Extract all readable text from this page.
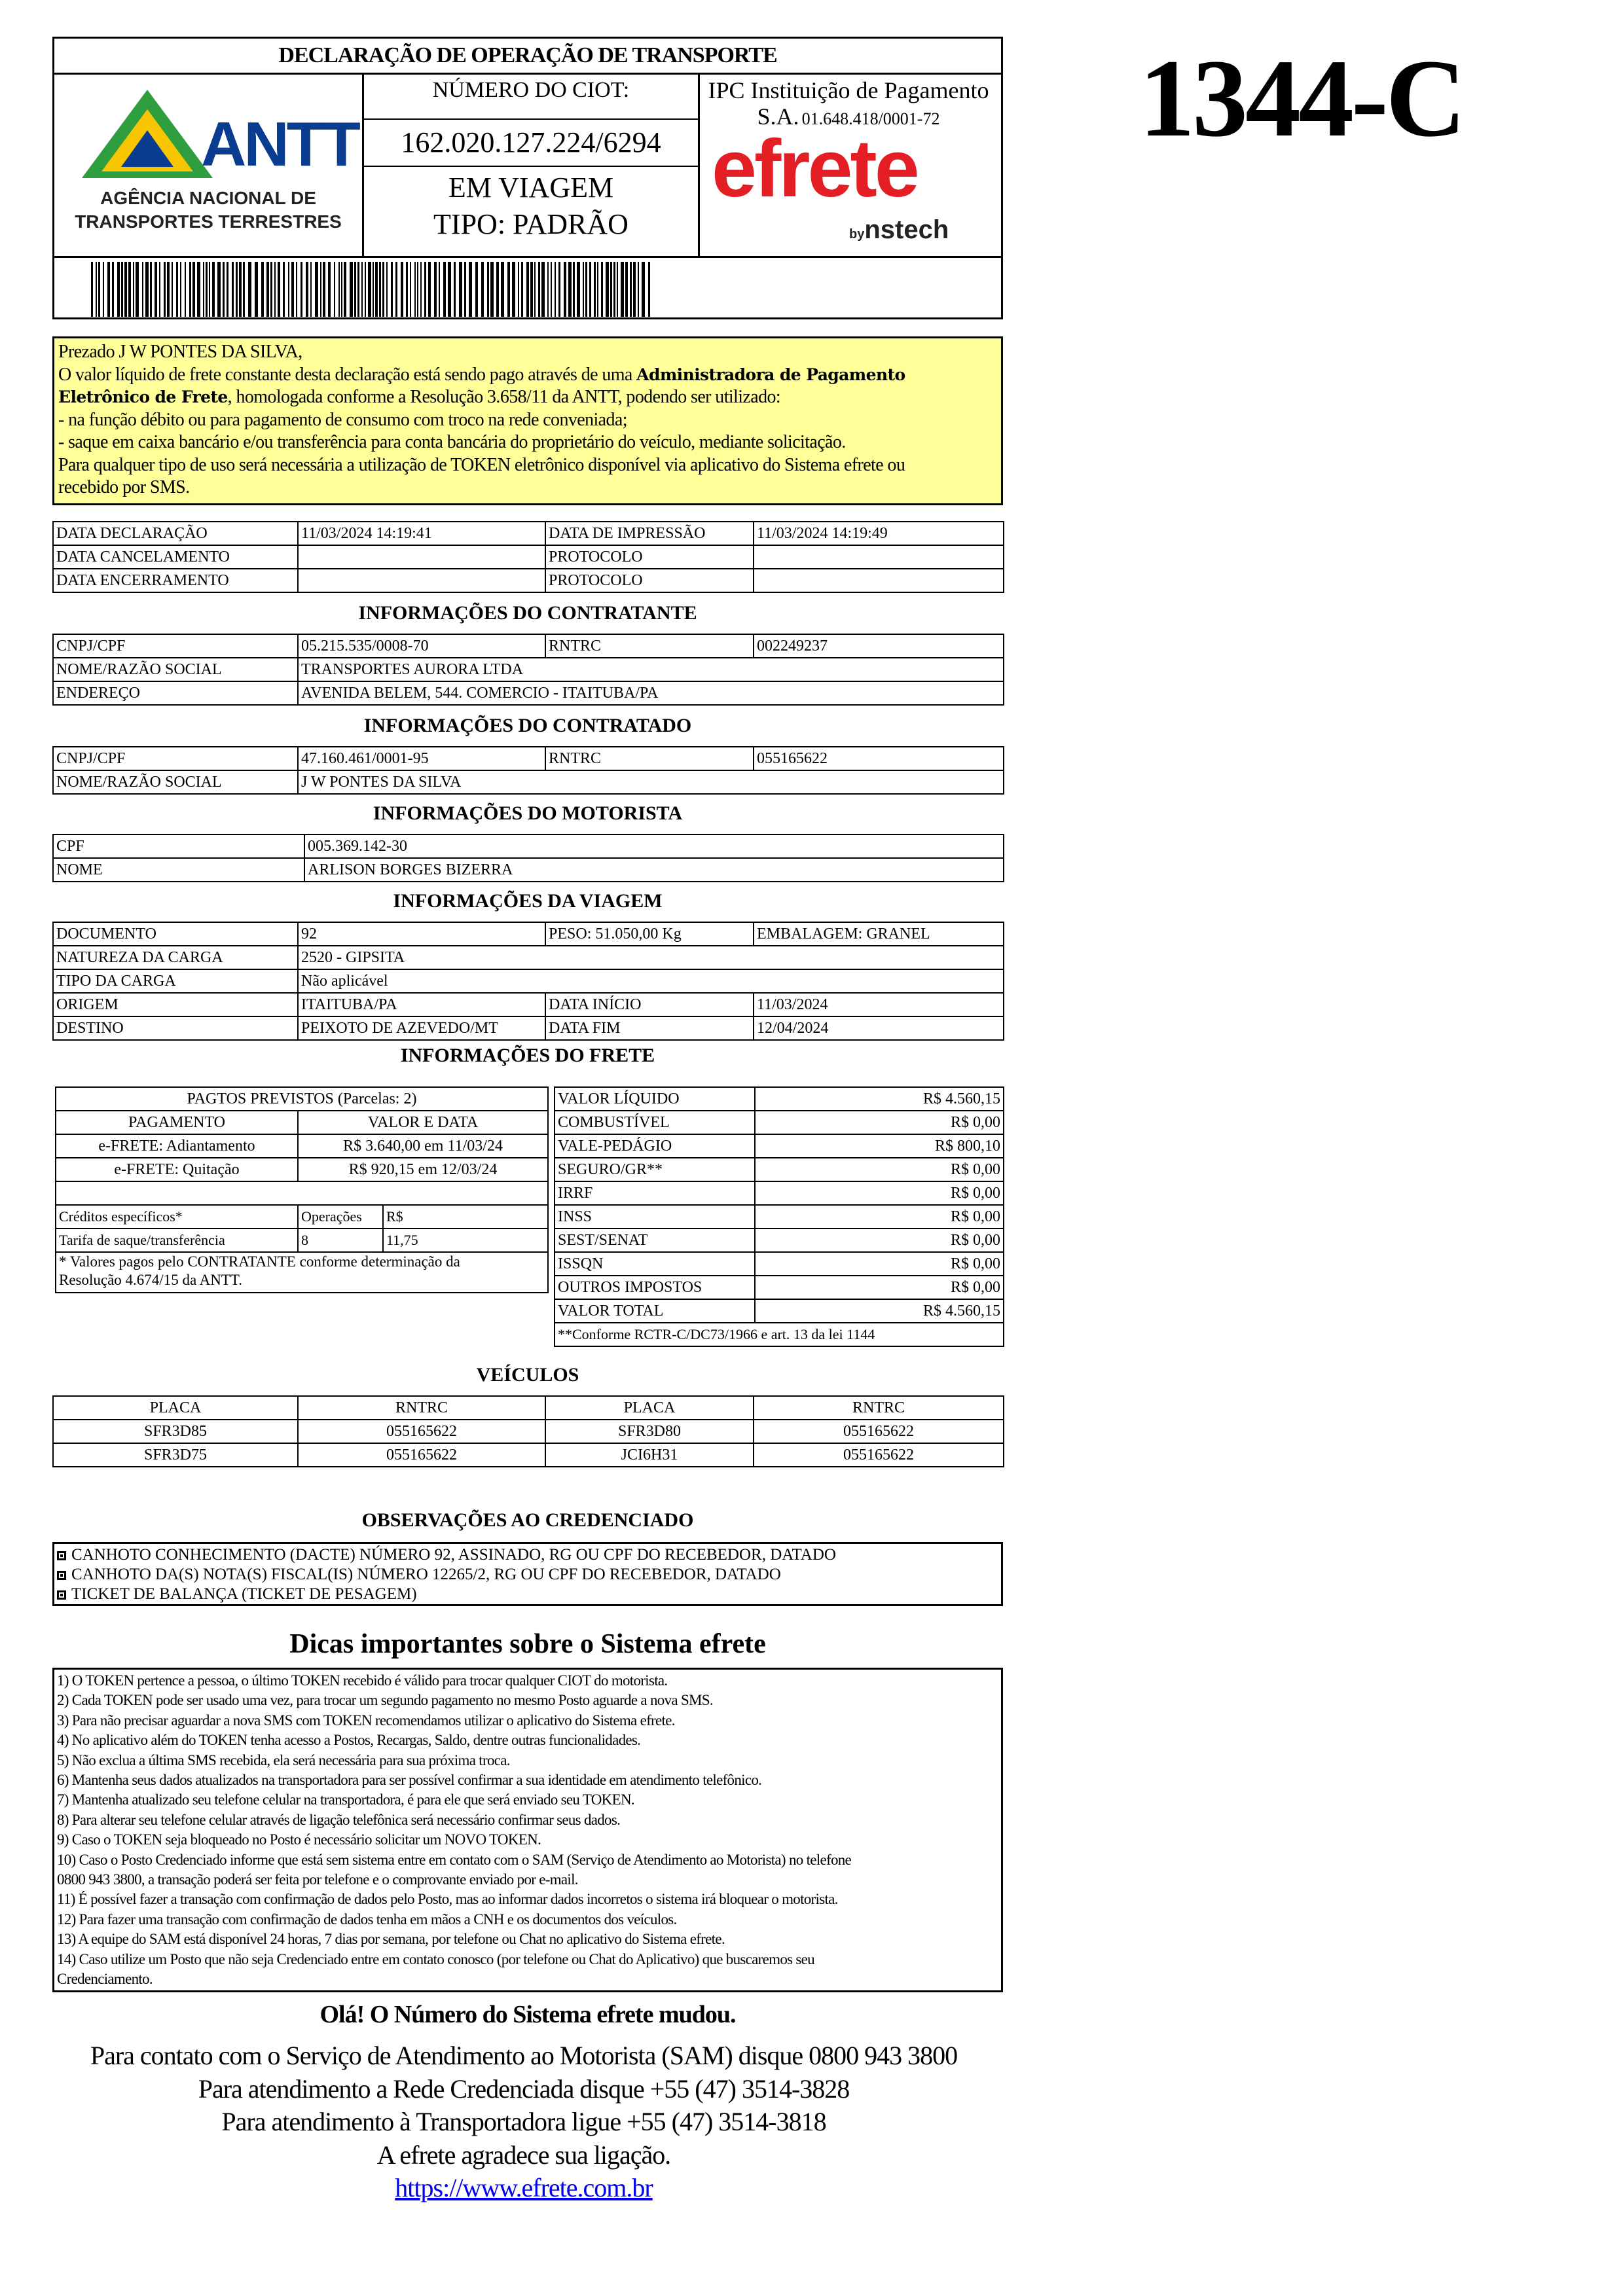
DECLARAÇÃO DE OPERAÇÃO DE TRANSPORTE
ANTT
AGÊNCIA NACIONAL DE
TRANSPORTES TERRESTRES
NÚMERO DO CIOT:
162.020.127.224/6294
EM VIAGEM
TIPO: PADRÃO
IPC Instituição de Pagamento
S.A. 01.648.418/0001-72
efrete
bynstech
1344-C
Prezado J W PONTES DA SILVA,
O valor líquido de frete constante desta declaração está sendo pago através de uma Administradora de Pagamento
Eletrônico de Frete, homologada conforme a Resolução 3.658/11 da ANTT, podendo ser utilizado:
- na função débito ou para pagamento de consumo com troco na rede conveniada;
- saque em caixa bancário e/ou transferência para conta bancária do proprietário do veículo, mediante solicitação.
Para qualquer tipo de uso será necessária a utilização de TOKEN eletrônico disponível via aplicativo do Sistema efrete ou
recebido por SMS.
DATA DECLARAÇÃO	11/03/2024 14:19:41	DATA DE IMPRESSÃO	11/03/2024 14:19:49
DATA CANCELAMENTO		PROTOCOLO	
DATA ENCERRAMENTO		PROTOCOLO	
INFORMAÇÕES DO CONTRATANTE
CNPJ/CPF	05.215.535/0008-70	RNTRC	002249237
NOME/RAZÃO SOCIAL	TRANSPORTES AURORA LTDA		
ENDEREÇO	AVENIDA BELEM, 544. COMERCIO - ITAITUBA/PA		
INFORMAÇÕES DO CONTRATADO
CNPJ/CPF	47.160.461/0001-95	RNTRC	055165622
NOME/RAZÃO SOCIAL	J W PONTES DA SILVA		
INFORMAÇÕES DO MOTORISTA
CPF	005.369.142-30
NOME	ARLISON BORGES BIZERRA
INFORMAÇÕES DA VIAGEM
DOCUMENTO	92	PESO: 51.050,00 Kg	EMBALAGEM: GRANEL
NATUREZA DA CARGA	2520 - GIPSITA		
TIPO DA CARGA	Não aplicável		
ORIGEM	ITAITUBA/PA	DATA INÍCIO	11/03/2024
DESTINO	PEIXOTO DE AZEVEDO/MT	DATA FIM	12/04/2024
INFORMAÇÕES DO FRETE
PAGTOS PREVISTOS (Parcelas: 2)		
PAGAMENTO	VALOR E DATA	
e-FRETE: Adiantamento	R$ 3.640,00 em 11/03/24	
e-FRETE: Quitação	R$ 920,15 em 12/03/24	

Créditos específicos*	Operações	R$
Tarifa de saque/transferência	8	11,75

* Valores pagos pelo CONTRATANTE conforme determinação da
Resolução 4.674/15 da ANTT.		
VALOR LÍQUIDO	R$ 4.560,15
COMBUSTÍVEL	R$ 0,00
VALE-PEDÁGIO	R$ 800,10
SEGURO/GR**	R$ 0,00
IRRF	R$ 0,00
INSS	R$ 0,00
SEST/SENAT	R$ 0,00
ISSQN	R$ 0,00
OUTROS IMPOSTOS	R$ 0,00
VALOR TOTAL	R$ 4.560,15
**Conforme RCTR-C/DC73/1966 e art. 13 da lei 1144	
VEÍCULOS
PLACA	RNTRC	PLACA	RNTRC
SFR3D85	055165622	SFR3D80	055165622
SFR3D75	055165622	JCI6H31	055165622
OBSERVAÇÕES AO CREDENCIADO
CANHOTO CONHECIMENTO (DACTE) NÚMERO 92, ASSINADO, RG OU CPF DO RECEBEDOR, DATADO
CANHOTO DA(S) NOTA(S) FISCAL(IS) NÚMERO 12265/2, RG OU CPF DO RECEBEDOR, DATADO
TICKET DE BALANÇA (TICKET DE PESAGEM)
Dicas importantes sobre o Sistema efrete
1) O TOKEN pertence a pessoa, o último TOKEN recebido é válido para trocar qualquer CIOT do motorista.
2) Cada TOKEN pode ser usado uma vez, para trocar um segundo pagamento no mesmo Posto aguarde a nova SMS.
3) Para não precisar aguardar a nova SMS com TOKEN recomendamos utilizar o aplicativo do Sistema efrete.
4) No aplicativo além do TOKEN tenha acesso a Postos, Recargas, Saldo, dentre outras funcionalidades.
5) Não exclua a última SMS recebida, ela será necessária para sua próxima troca.
6) Mantenha seus dados atualizados na transportadora para ser possível confirmar a sua identidade em atendimento telefônico.
7) Mantenha atualizado seu telefone celular na transportadora, é para ele que será enviado seu TOKEN.
8) Para alterar seu telefone celular através de ligação telefônica será necessário confirmar seus dados.
9) Caso o TOKEN seja bloqueado no Posto é necessário solicitar um NOVO TOKEN.
10) Caso o Posto Credenciado informe que está sem sistema entre em contato com o SAM (Serviço de Atendimento ao Motorista) no telefone
0800 943 3800, a transação poderá ser feita por telefone e o comprovante enviado por e-mail.
11) É possível fazer a transação com confirmação de dados pelo Posto, mas ao informar dados incorretos o sistema irá bloquear o motorista.
12) Para fazer uma transação com confirmação de dados tenha em mãos a CNH e os documentos dos veículos.
13) A equipe do SAM está disponível 24 horas, 7 dias por semana, por telefone ou Chat no aplicativo do Sistema efrete.
14) Caso utilize um Posto que não seja Credenciado entre em contato conosco (por telefone ou Chat do Aplicativo) que buscaremos seu
Credenciamento.
Olá! O Número do Sistema efrete mudou.
Para contato com o Serviço de Atendimento ao Motorista (SAM) disque 0800 943 3800
Para atendimento a Rede Credenciada disque +55 (47) 3514-3828
Para atendimento à Transportadora ligue +55 (47) 3514-3818
A efrete agradece sua ligação.
https://www.efrete.com.br
